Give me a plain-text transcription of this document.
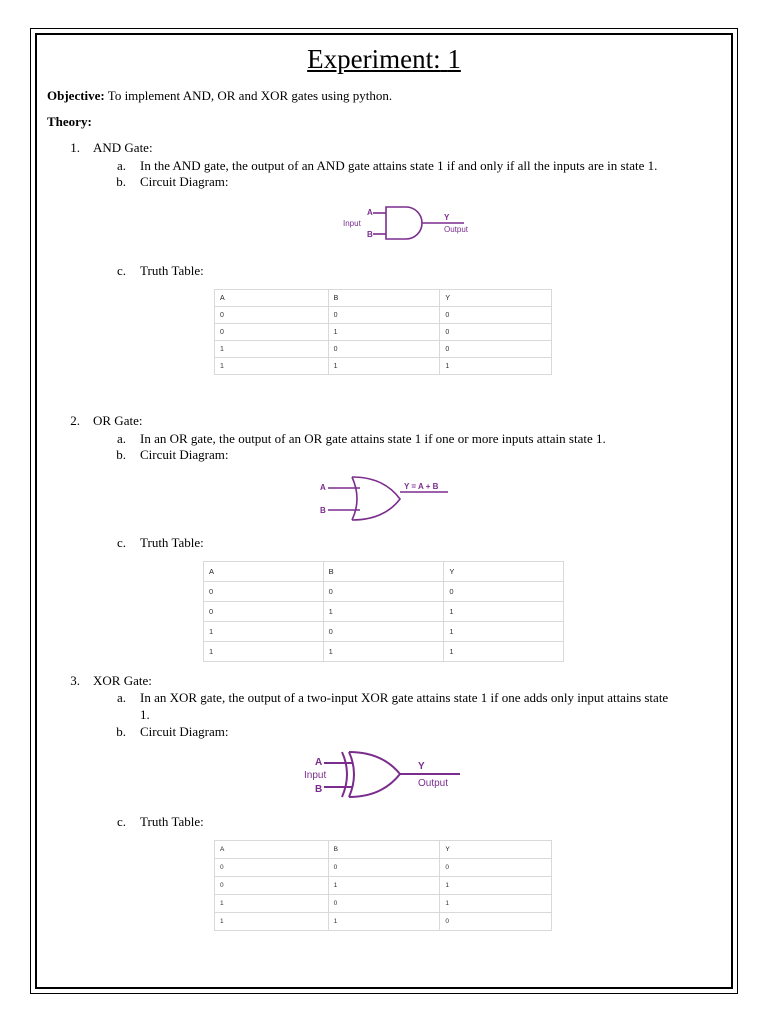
Experiment: 1
Objective: To implement AND, OR and XOR gates using python.
Theory:
1. AND Gate:
a. In the AND gate, the output of an AND gate attains state 1 if and only if all the inputs are in state 1.
b. Circuit Diagram:
A
B
Input
Y
Output
c. Truth Table:
A	B	Y
0	0	0
0	1	0
1	0	0
1	1	1
2. OR Gate:
a. In an OR gate, the output of an OR gate attains state 1 if one or more inputs attain state 1.
b. Circuit Diagram:
A
B
Y = A + B
c. Truth Table:
A	B	Y
0	0	0
0	1	1
1	0	1
1	1	1
3. XOR Gate:
a. In an XOR gate, the output of a two-input XOR gate attains state 1 if one adds only input attains state
1.
b. Circuit Diagram:
A
B
Input
Y
Output
c. Truth Table:
A	B	Y
0	0	0
0	1	1
1	0	1
1	1	0
